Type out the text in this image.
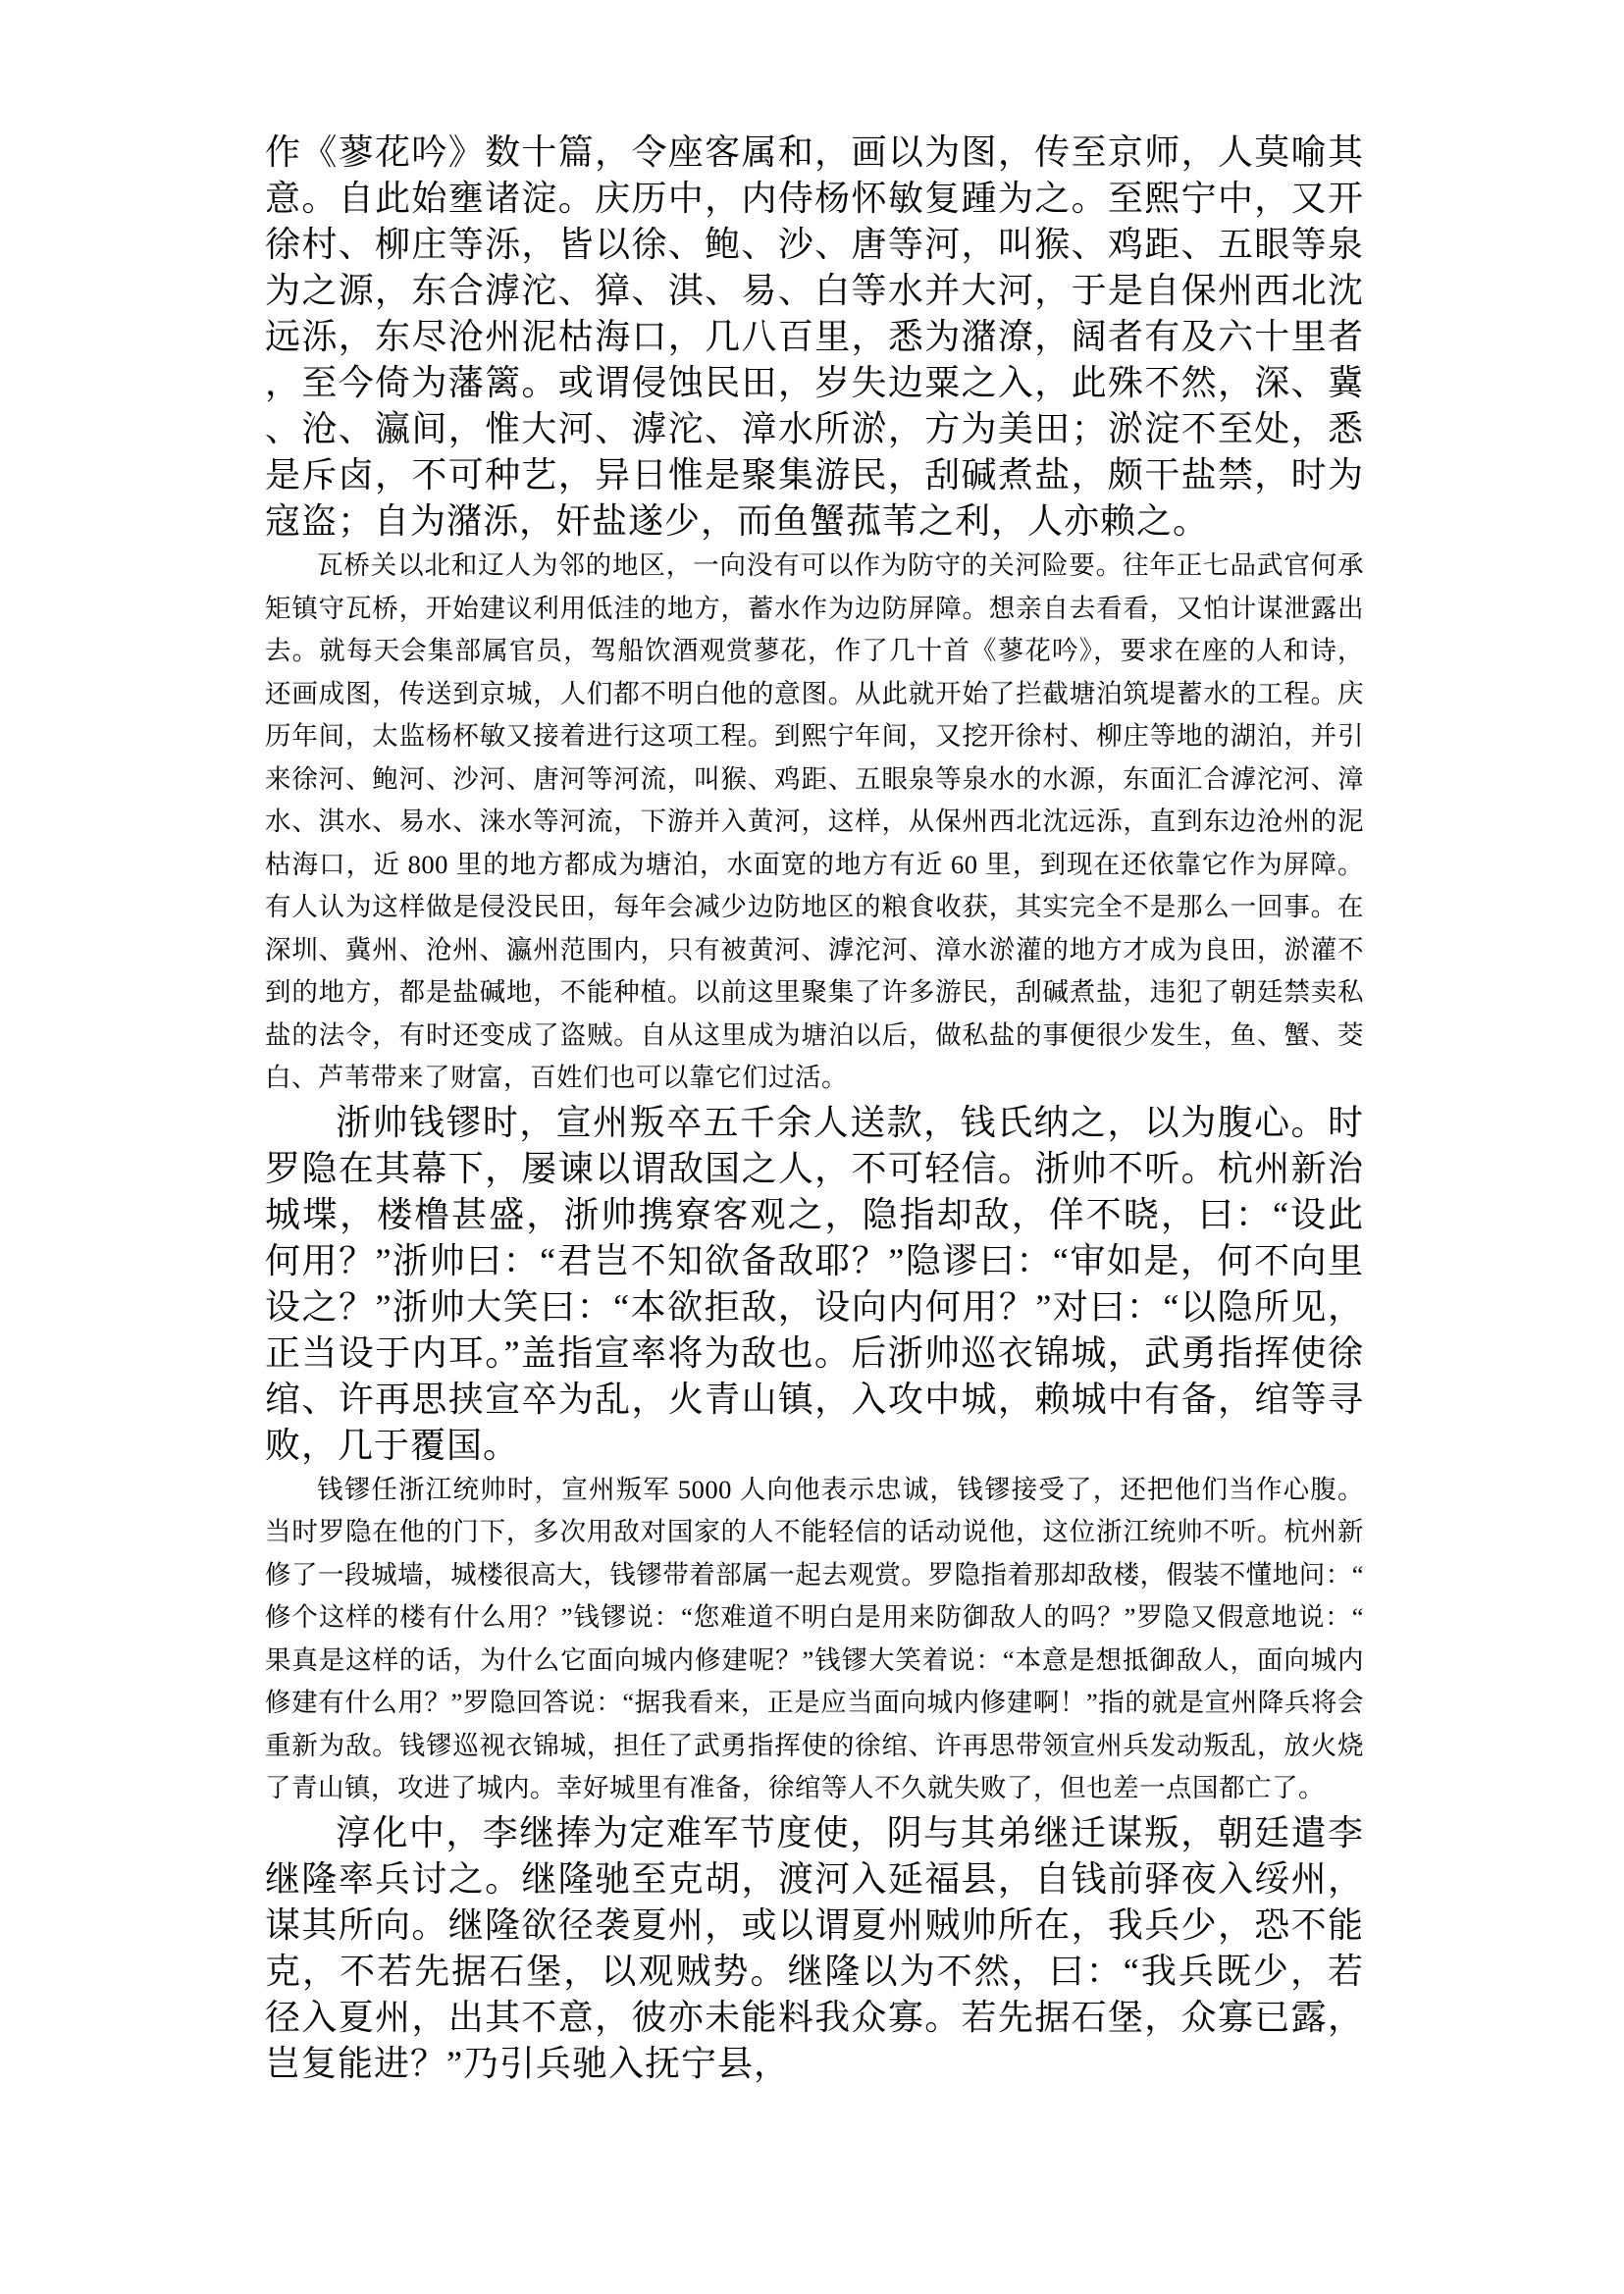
作《蓼花吟》数十篇，令座客属和，画以为图，传至京师，人莫喻其意。自此始壅诸淀。庆历中，内侍杨怀敏复踵为之。至熙宁中，又开徐村、柳庄等泺，皆以徐、鲍、沙、唐等河，叫猴、鸡距、五眼等泉为之源，东合滹沱、獐、淇、易、白等水并大河，于是自保州西北沈远泺，东尽沧州泥枯海口，几八百里，悉为潴潦，阔者有及六十里者，至今倚为藩篱。或谓侵蚀民田，岁失边粟之入，此殊不然，深、冀、沧、瀛间，惟大河、滹沱、漳水所淤，方为美田；淤淀不至处，悉是斥卤，不可种艺，异日惟是聚集游民，刮碱煮盐，颇干盐禁，时为寇盗；自为潴泺，奸盐遂少，而鱼蟹菰苇之利，人亦赖之。

瓦桥关以北和辽人为邻的地区，一向没有可以作为防守的关河险要。往年正七品武官何承矩镇守瓦桥，开始建议利用低洼的地方，蓄水作为边防屏障。想亲自去看看，又怕计谋泄露出去。就每天会集部属官员，驾船饮酒观赏蓼花，作了几十首《蓼花吟》，要求在座的人和诗，还画成图，传送到京城，人们都不明白他的意图。从此就开始了拦截塘泊筑堤蓄水的工程。庆历年间，太监杨杯敏又接着进行这项工程。到熙宁年间，又挖开徐村、柳庄等地的湖泊，并引来徐河、鲍河、沙河、唐河等河流，叫猴、鸡距、五眼泉等泉水的水源，东面汇合滹沱河、漳水、淇水、易水、涞水等河流，下游并入黄河，这样，从保州西北沈远泺，直到东边沧州的泥枯海口，近 800 里的地方都成为塘泊，水面宽的地方有近 60 里，到现在还依靠它作为屏障。有人认为这样做是侵没民田，每年会减少边防地区的粮食收获，其实完全不是那么一回事。在深圳、冀州、沧州、瀛州范围内，只有被黄河、滹沱河、漳水淤灌的地方才成为良田，淤灌不到的地方，都是盐碱地，不能种植。以前这里聚集了许多游民，刮碱煮盐，违犯了朝廷禁卖私盐的法令，有时还变成了盗贼。自从这里成为塘泊以后，做私盐的事便很少发生，鱼、蟹、茭白、芦苇带来了财富，百姓们也可以靠它们过活。

浙帅钱镠时，宣州叛卒五千余人送款，钱氏纳之，以为腹心。时罗隐在其幕下，屡谏以谓敌国之人，不可轻信。浙帅不听。杭州新治城堞，楼橹甚盛，浙帅携寮客观之，隐指却敌，佯不晓，曰：“设此何用？”浙帅曰：“君岂不知欲备敌耶？”隐谬曰：“审如是，何不向里设之？”浙帅大笑曰：“本欲拒敌，设向内何用？”对曰：“以隐所见，正当设于内耳。”盖指宣率将为敌也。后浙帅巡衣锦城，武勇指挥使徐绾、许再思挟宣卒为乱，火青山镇，入攻中城，赖城中有备，绾等寻败，几于覆国。

钱镠任浙江统帅时，宣州叛军 5000 人向他表示忠诚，钱镠接受了，还把他们当作心腹。当时罗隐在他的门下，多次用敌对国家的人不能轻信的话动说他，这位浙江统帅不听。杭州新修了一段城墙，城楼很高大，钱镠带着部属一起去观赏。罗隐指着那却敌楼，假装不懂地问：“修个这样的楼有什么用？”钱镠说：“您难道不明白是用来防御敌人的吗？”罗隐又假意地说：“果真是这样的话，为什么它面向城内修建呢？”钱镠大笑着说：“本意是想抵御敌人，面向城内修建有什么用？”罗隐回答说：“据我看来，正是应当面向城内修建啊！”指的就是宣州降兵将会重新为敌。钱镠巡视衣锦城，担任了武勇指挥使的徐绾、许再思带领宣州兵发动叛乱，放火烧了青山镇，攻进了城内。幸好城里有准备，徐绾等人不久就失败了，但也差一点国都亡了。

淳化中，李继捧为定难军节度使，阴与其弟继迁谋叛，朝廷遣李继隆率兵讨之。继隆驰至克胡，渡河入延福县，自钱前驿夜入绥州，谋其所向。继隆欲径袭夏州，或以谓夏州贼帅所在，我兵少，恐不能克，不若先据石堡，以观贼势。继隆以为不然，曰：“我兵既少，若径入夏州，出其不意，彼亦未能料我众寡。若先据石堡，众寡已露，岂复能进？”乃引兵驰入抚宁县，
